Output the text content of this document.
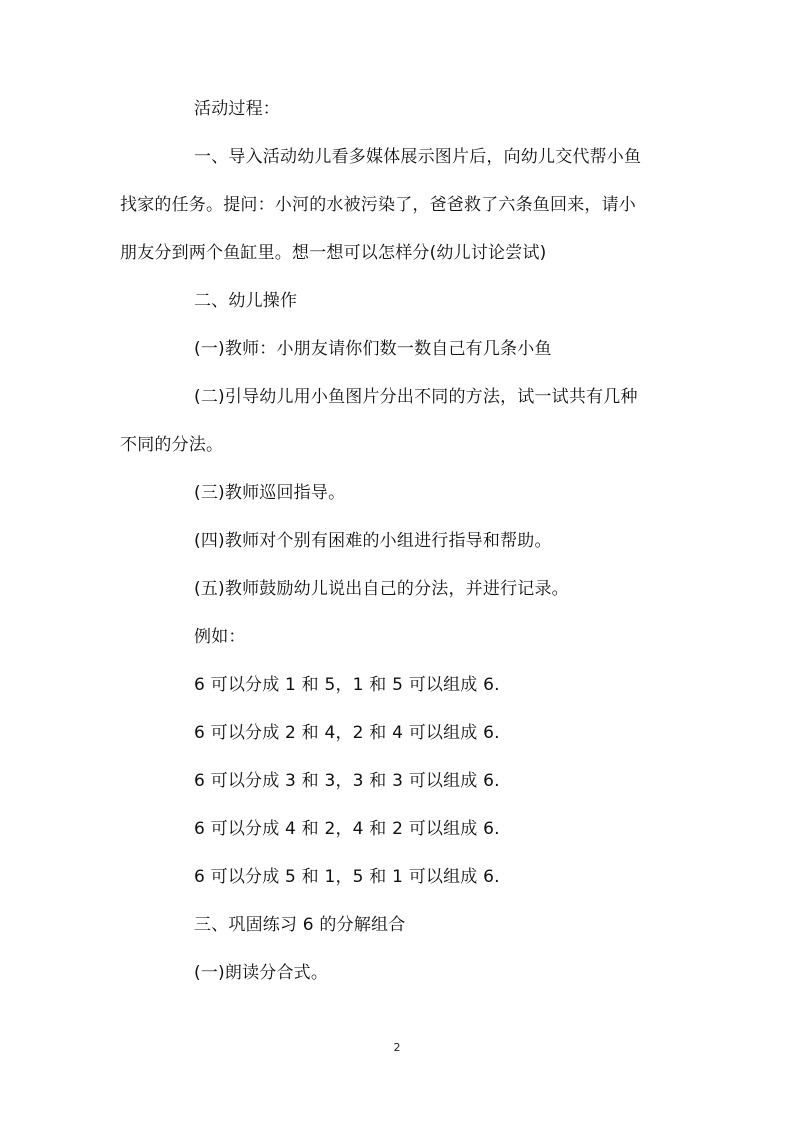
活动过程：
一、导入活动幼儿看多媒体展示图片后，向幼儿交代帮小鱼
找家的任务。提问：小河的水被污染了，爸爸救了六条鱼回来，请小
朋友分到两个鱼缸里。想一想可以怎样分(幼儿讨论尝试)
二、幼儿操作
(一)教师：小朋友请你们数一数自己有几条小鱼
(二)引导幼儿用小鱼图片分出不同的方法，试一试共有几种
不同的分法。
(三)教师巡回指导。
(四)教师对个别有困难的小组进行指导和帮助。
(五)教师鼓励幼儿说出自己的分法，并进行记录。
例如：
6 可以分成 1 和 5，1 和 5 可以组成 6.
6 可以分成 2 和 4，2 和 4 可以组成 6.
6 可以分成 3 和 3，3 和 3 可以组成 6.
6 可以分成 4 和 2，4 和 2 可以组成 6.
6 可以分成 5 和 1，5 和 1 可以组成 6.
三、巩固练习 6 的分解组合
(一)朗读分合式。
2
